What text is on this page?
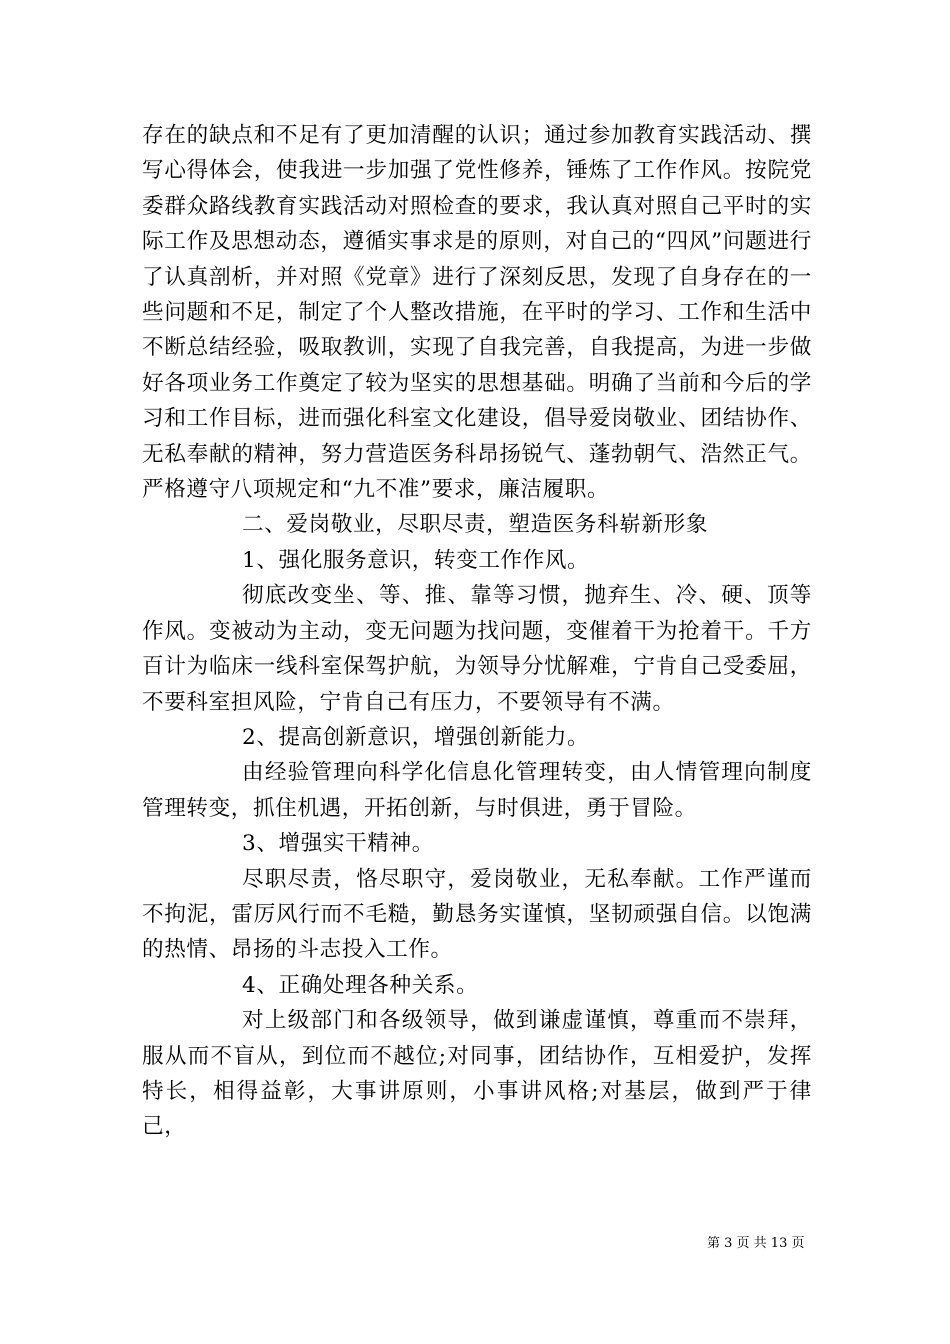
存在的缺点和不足有了更加清醒的认识；通过参加教育实践活动、撰写心得体会，使我进一步加强了党性修养，锤炼了工作作风。按院党委群众路线教育实践活动对照检查的要求，我认真对照自己平时的实际工作及思想动态，遵循实事求是的原则，对自己的“四风”问题进行了认真剖析，并对照《党章》进行了深刻反思，发现了自身存在的一些问题和不足，制定了个人整改措施，在平时的学习、工作和生活中不断总结经验，吸取教训，实现了自我完善，自我提高，为进一步做好各项业务工作奠定了较为坚实的思想基础。明确了当前和今后的学习和工作目标，进而强化科室文化建设，倡导爱岗敬业、团结协作、无私奉献的精神，努力营造医务科昂扬锐气、蓬勃朝气、浩然正气。严格遵守八项规定和“九不准”要求，廉洁履职。

二、爱岗敬业，尽职尽责，塑造医务科崭新形象

1、强化服务意识，转变工作作风。

彻底改变坐、等、推、靠等习惯，抛弃生、冷、硬、顶等作风。变被动为主动，变无问题为找问题，变催着干为抢着干。千方百计为临床一线科室保驾护航，为领导分忧解难，宁肯自己受委屈，不要科室担风险，宁肯自己有压力，不要领导有不满。

2、提高创新意识，增强创新能力。

由经验管理向科学化信息化管理转变，由人情管理向制度管理转变，抓住机遇，开拓创新，与时俱进，勇于冒险。

3、增强实干精神。

尽职尽责，恪尽职守，爱岗敬业，无私奉献。工作严谨而不拘泥，雷厉风行而不毛糙，勤恳务实谨慎，坚韧顽强自信。以饱满的热情、昂扬的斗志投入工作。

4、正确处理各种关系。

对上级部门和各级领导，做到谦虚谨慎，尊重而不崇拜，服从而不盲从，到位而不越位;对同事，团结协作，互相爱护，发挥特长，相得益彰，大事讲原则，小事讲风格;对基层，做到严于律己，

第 3 页 共 13 页
